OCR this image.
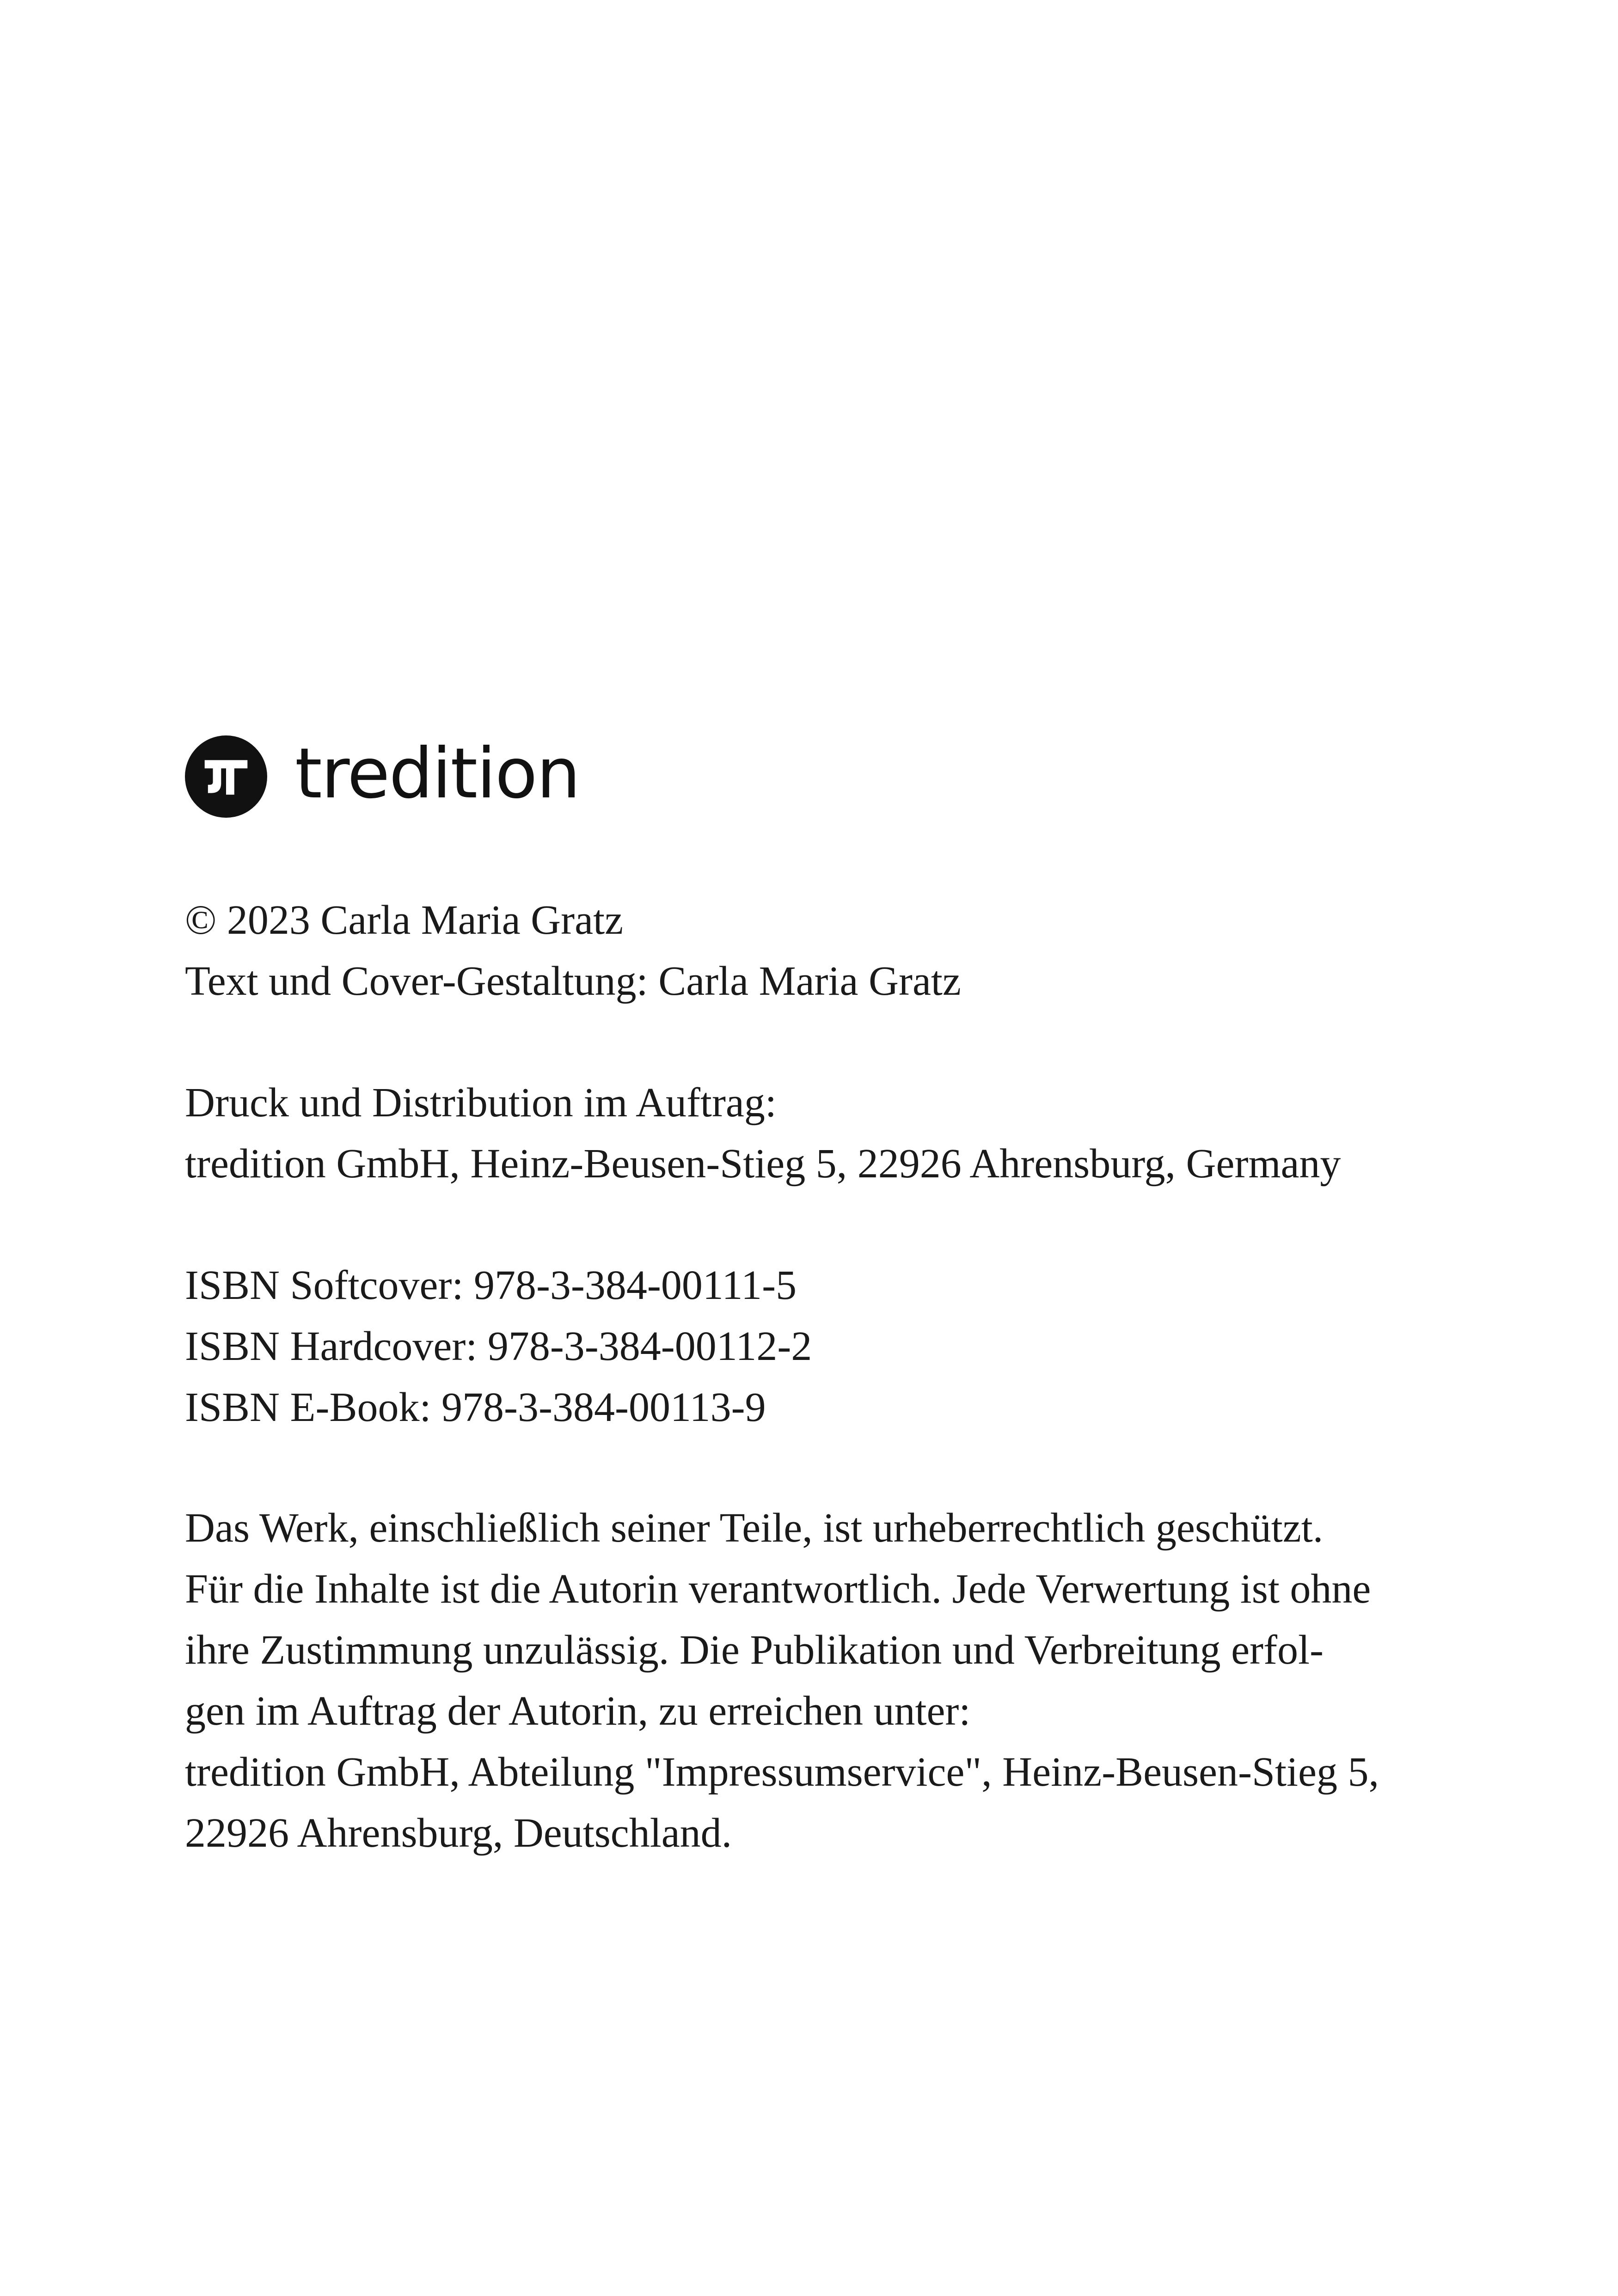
tredition
© 2023 Carla Maria Gratz
Text und Cover-Gestaltung: Carla Maria Gratz
Druck und Distribution im Auftrag:
tredition GmbH, Heinz-Beusen-Stieg 5, 22926 Ahrensburg, Germany
ISBN Softcover: 978-3-384-00111-5
ISBN Hardcover: 978-3-384-00112-2
ISBN E-Book: 978-3-384-00113-9
Das Werk, einschließlich seiner Teile, ist urheberrechtlich geschützt.
Für die Inhalte ist die Autorin verantwortlich. Jede Verwertung ist ohne
ihre Zustimmung unzulässig. Die Publikation und Verbreitung erfol-
gen im Auftrag der Autorin, zu erreichen unter:
tredition GmbH, Abteilung "Impressumservice", Heinz-Beusen-Stieg 5,
22926 Ahrensburg, Deutschland.
